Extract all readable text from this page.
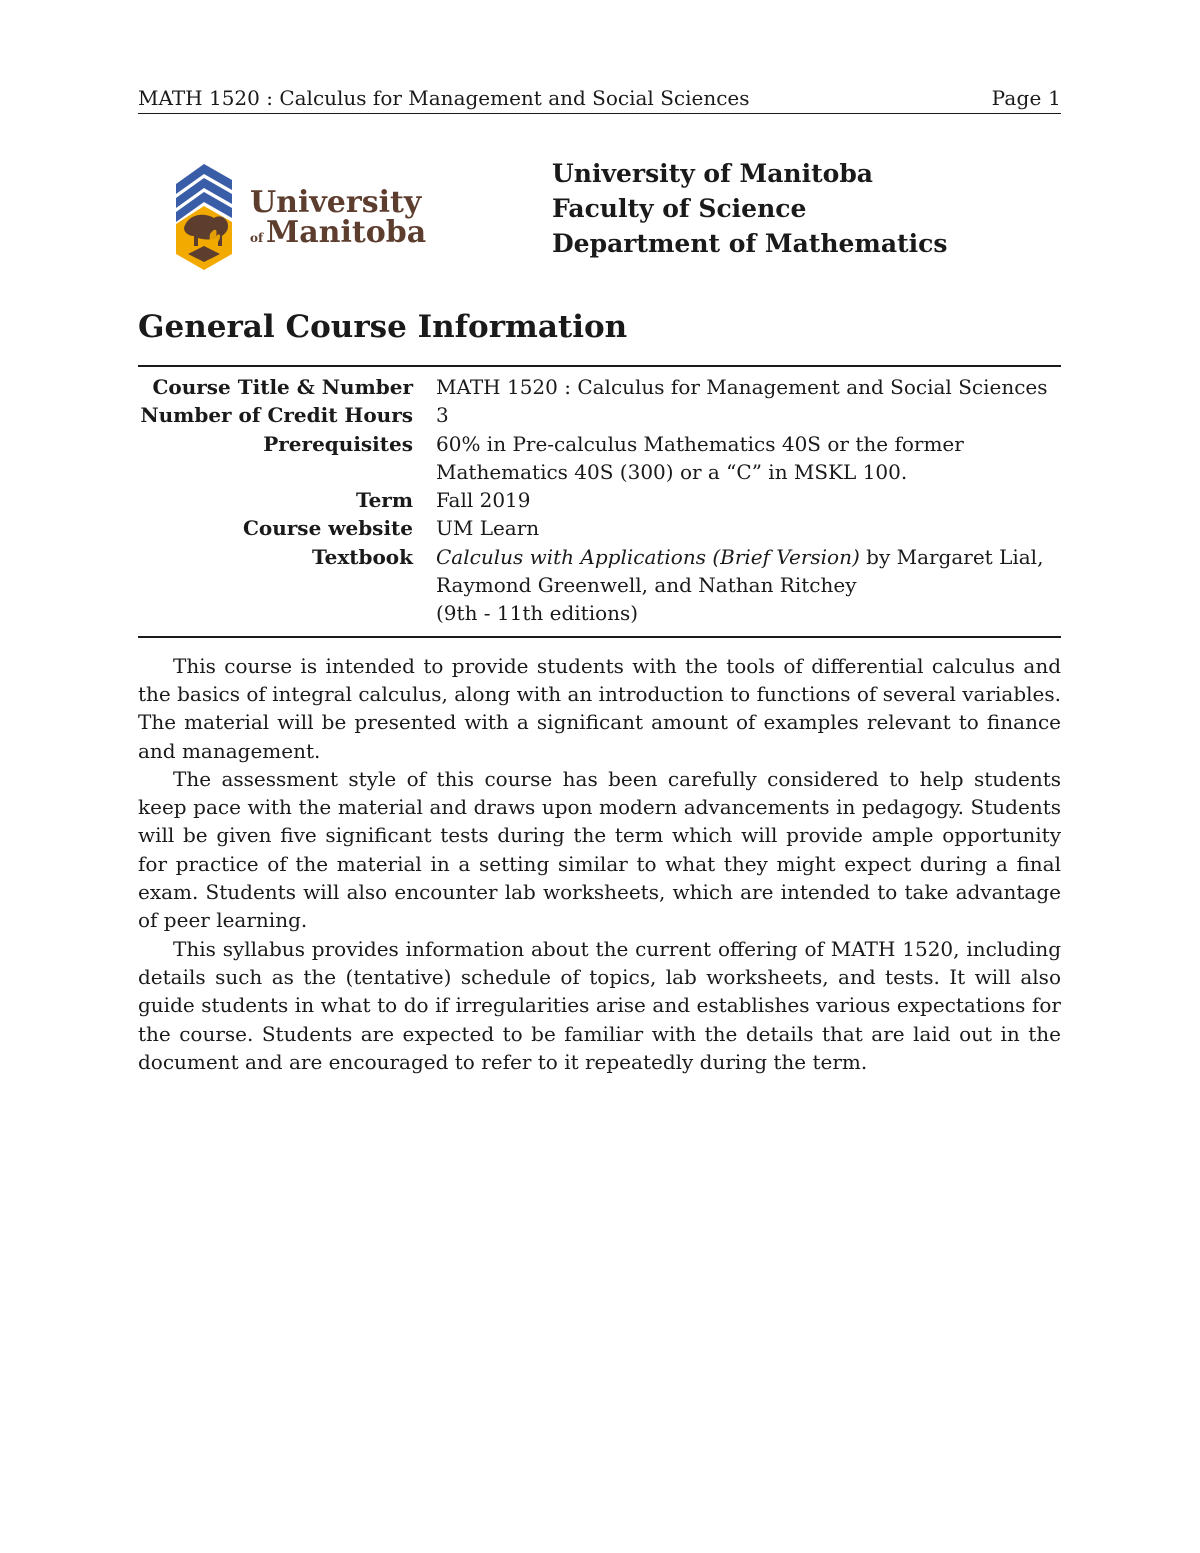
MATH 1520 : Calculus for Management and Social Sciences	Page 1
University
of Manitoba
University of Manitoba
Faculty of Science
Department of Mathematics
General Course Information
Course Title & Number MATH 1520 : Calculus for Management and Social Sciences
Number of Credit Hours 3
Prerequisites 60% in Pre-calculus Mathematics 40S or the former
Mathematics 40S (300) or a “C” in MSKL 100.
Term Fall 2019
Course website UM Learn
Textbook Calculus with Applications (Brief Version) by Margaret Lial,
Raymond Greenwell, and Nathan Ritchey
(9th - 11th editions)

This course is intended to provide students with the tools of differential calculus and the basics of integral calculus, along with an introduction to functions of several variables. The material will be presented with a significant amount of examples relevant to finance and management.

The assessment style of this course has been carefully considered to help students keep pace with the material and draws upon modern advancements in pedagogy. Students will be given five significant tests during the term which will provide ample opportunity for practice of the material in a setting similar to what they might expect during a final exam. Students will also encounter lab worksheets, which are intended to take advantage of peer learning.

This syllabus provides information about the current offering of MATH 1520, including details such as the (tentative) schedule of topics, lab worksheets, and tests. It will also guide students in what to do if irregularities arise and establishes various expectations for the course. Students are expected to be familiar with the details that are laid out in the document and are encouraged to refer to it repeatedly during the term.
